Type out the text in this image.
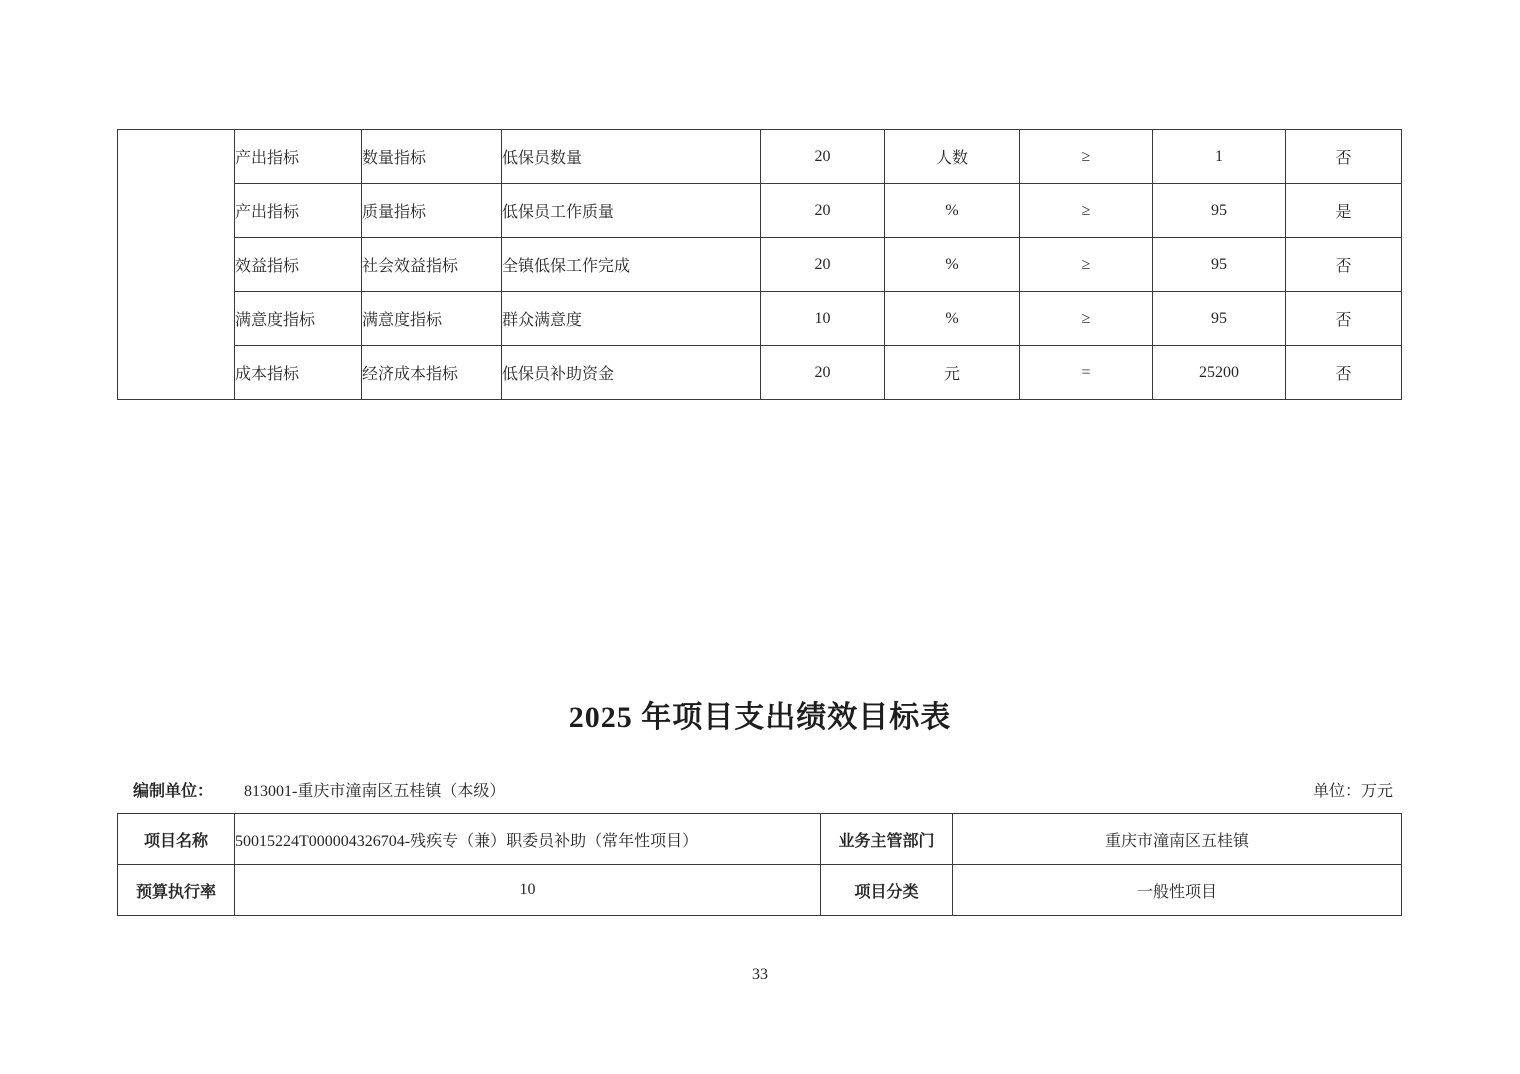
	产出指标	数量指标	低保员数量	20	人数	≥	1	否
	产出指标	质量指标	低保员工作质量	20	%	≥	95	是
	效益指标	社会效益指标	全镇低保工作完成	20	%	≥	95	否
	满意度指标	满意度指标	群众满意度	10	%	≥	95	否
	成本指标	经济成本指标	低保员补助资金	20	元	=	25200	否
2025 年项目支出绩效目标表
编制单位： 813001-重庆市潼南区五桂镇（本级）	单位：万元
项目名称	50015224T000004326704-残疾专（兼）职委员补助（常年性项目）	业务主管部门	重庆市潼南区五桂镇
预算执行率	10	项目分类	一般性项目
33
